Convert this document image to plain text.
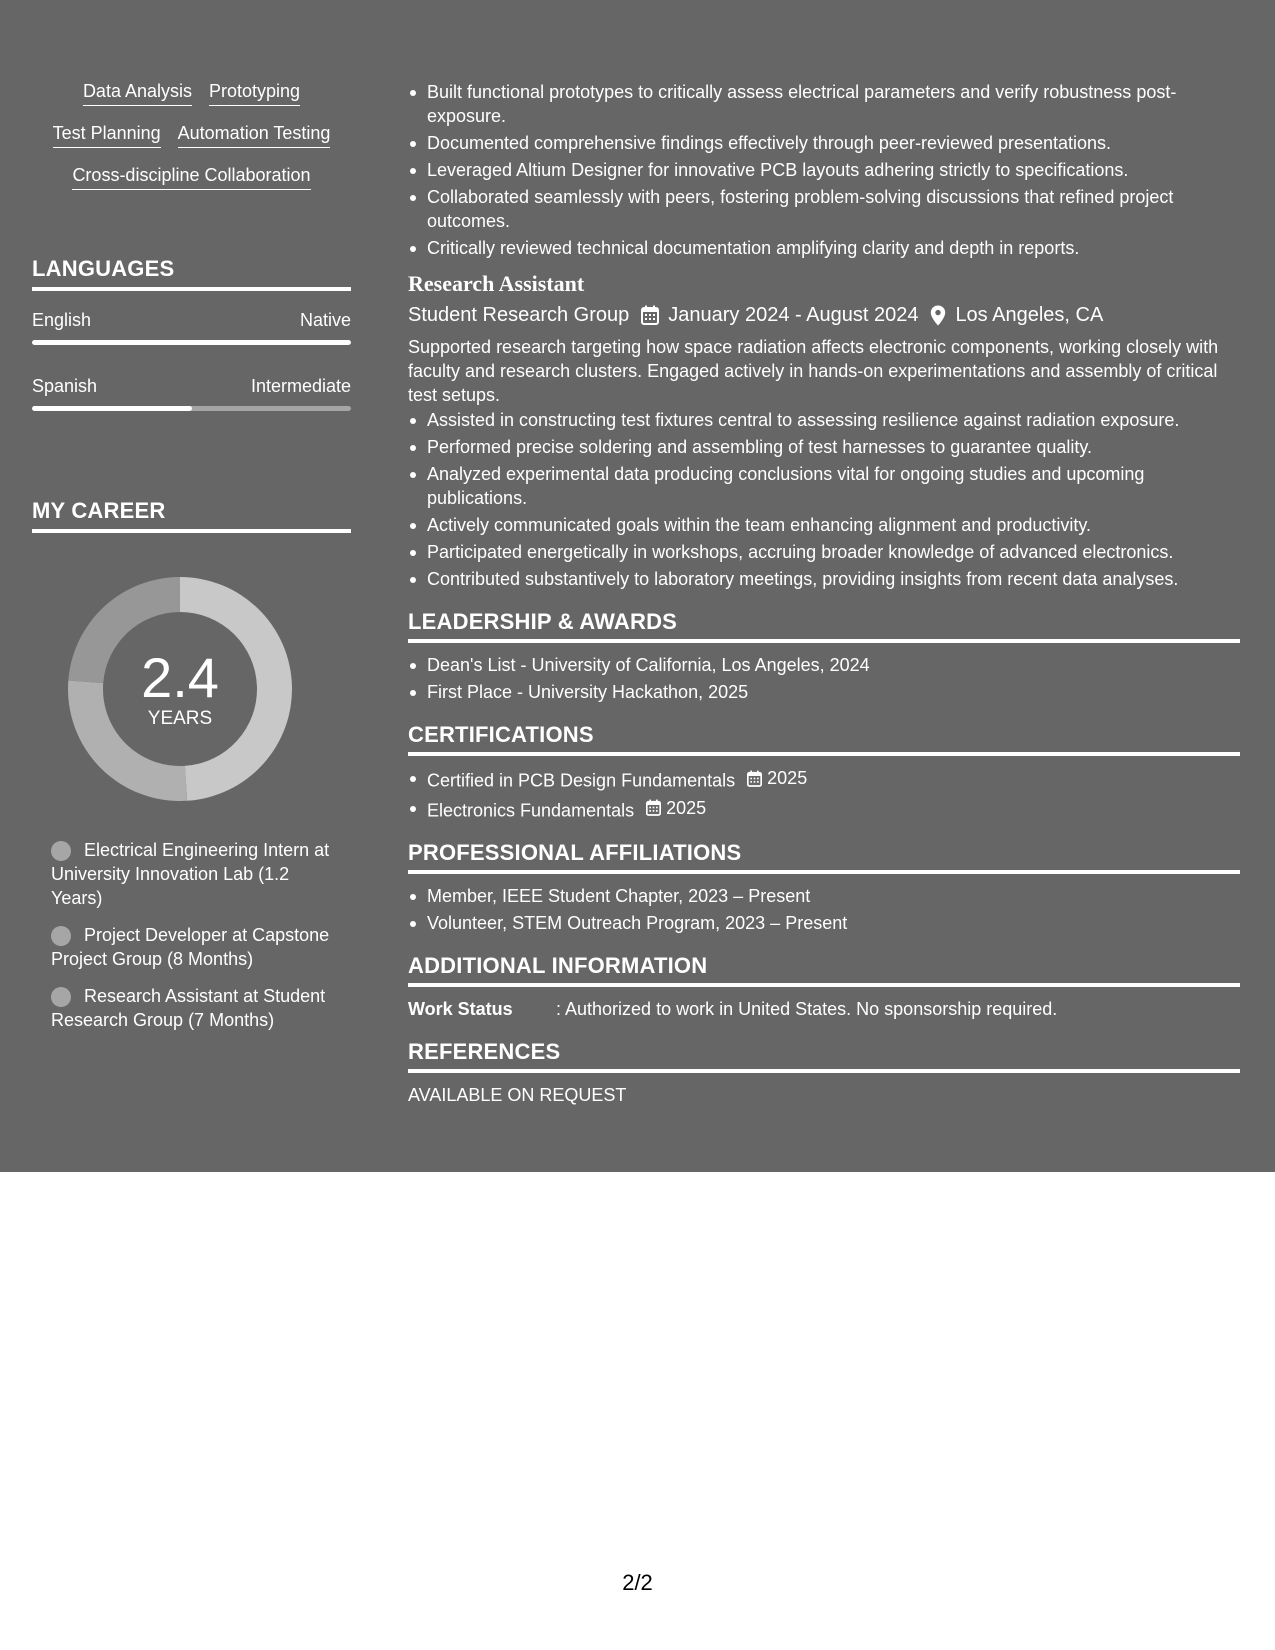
Data Analysis Prototyping
Test Planning Automation Testing
Cross-discipline Collaboration
LANGUAGES
English	Native
Spanish	Intermediate
MY CAREER
2.4
YEARS
Electrical Engineering Intern at University Innovation Lab (1.2 Years)
Project Developer at Capstone Project Group (8 Months)
Research Assistant at Student Research Group (7 Months)
Built functional prototypes to critically assess electrical parameters and verify robustness post-exposure.
Documented comprehensive findings effectively through peer-reviewed presentations.
Leveraged Altium Designer for innovative PCB layouts adhering strictly to specifications.
Collaborated seamlessly with peers, fostering problem-solving discussions that refined project outcomes.
Critically reviewed technical documentation amplifying clarity and depth in reports.
Research Assistant
Student Research Group January 2024 - August 2024 Los Angeles, CA

Supported research targeting how space radiation affects electronic components, working closely with faculty and research clusters. Engaged actively in hands-on experimentations and assembly of critical test setups.

Assisted in constructing test fixtures central to assessing resilience against radiation exposure.
Performed precise soldering and assembling of test harnesses to guarantee quality.
Analyzed experimental data producing conclusions vital for ongoing studies and upcoming publications.
Actively communicated goals within the team enhancing alignment and productivity.
Participated energetically in workshops, accruing broader knowledge of advanced electronics.
Contributed substantively to laboratory meetings, providing insights from recent data analyses.
LEADERSHIP & AWARDS
Dean's List - University of California, Los Angeles, 2024
First Place - University Hackathon, 2025
CERTIFICATIONS
Certified in PCB Design Fundamentals 2025
Electronics Fundamentals 2025
PROFESSIONAL AFFILIATIONS
Member, IEEE Student Chapter, 2023 – Present
Volunteer, STEM Outreach Program, 2023 – Present
ADDITIONAL INFORMATION
Work Status	: Authorized to work in United States. No sponsorship required.
REFERENCES

AVAILABLE ON REQUEST

2/2
